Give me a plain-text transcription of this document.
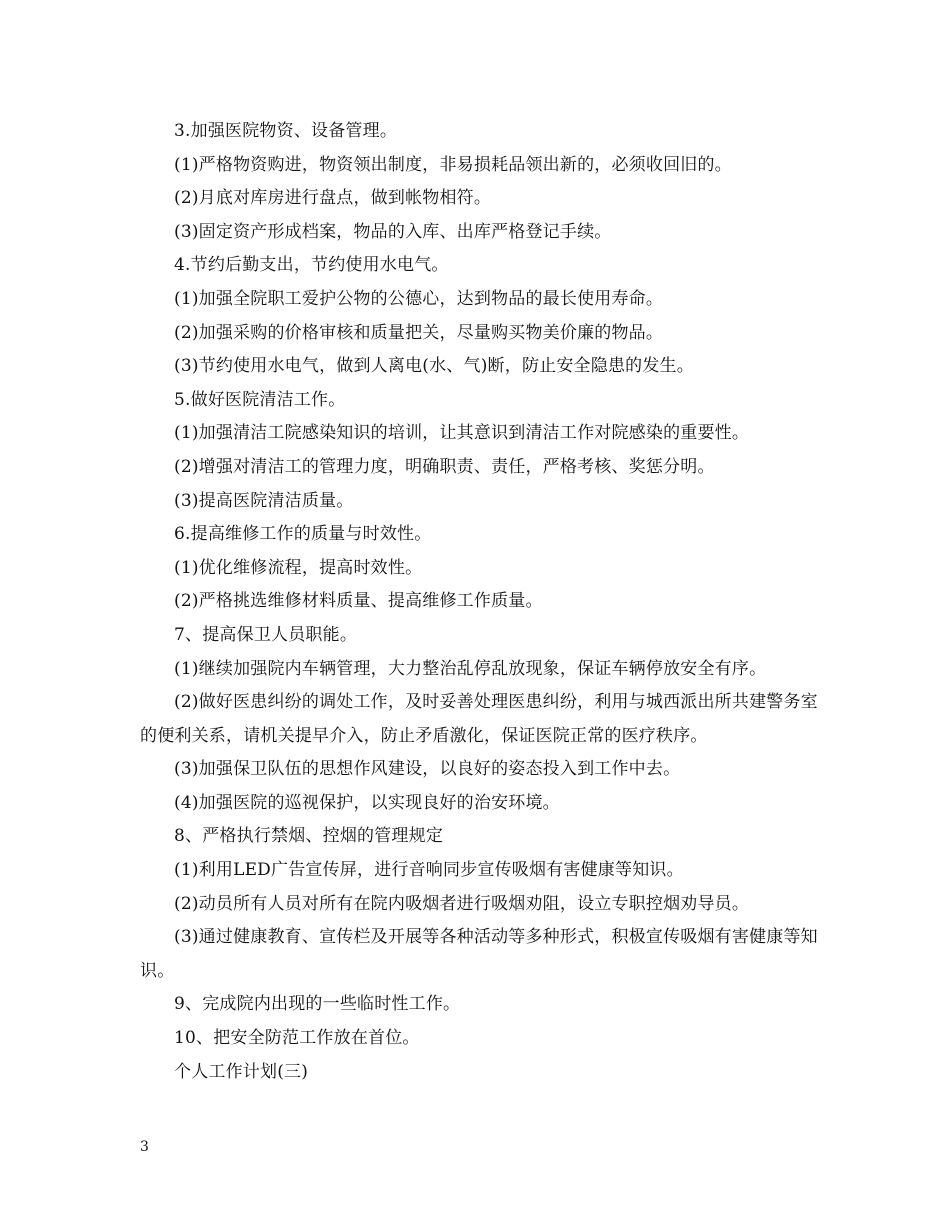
3.加强医院物资、设备管理。

(1)严格物资购进，物资领出制度，非易损耗品领出新的，必须收回旧的。

(2)月底对库房进行盘点，做到帐物相符。

(3)固定资产形成档案，物品的入库、出库严格登记手续。

4.节约后勤支出，节约使用水电气。

(1)加强全院职工爱护公物的公德心，达到物品的最长使用寿命。

(2)加强采购的价格审核和质量把关，尽量购买物美价廉的物品。

(3)节约使用水电气，做到人离电(水、气)断，防止安全隐患的发生。

5.做好医院清洁工作。

(1)加强清洁工院感染知识的培训，让其意识到清洁工作对院感染的重要性。

(2)增强对清洁工的管理力度，明确职责、责任，严格考核、奖惩分明。

(3)提高医院清洁质量。

6.提高维修工作的质量与时效性。

(1)优化维修流程，提高时效性。

(2)严格挑选维修材料质量、提高维修工作质量。

7、提高保卫人员职能。

(1)继续加强院内车辆管理，大力整治乱停乱放现象，保证车辆停放安全有序。

(2)做好医患纠纷的调处工作，及时妥善处理医患纠纷，利用与城西派出所共建警务室的便利关系，请机关提早介入，防止矛盾激化，保证医院正常的医疗秩序。

(3)加强保卫队伍的思想作风建设，以良好的姿态投入到工作中去。

(4)加强医院的巡视保护，以实现良好的治安环境。

8、严格执行禁烟、控烟的管理规定

(1)利用LED广告宣传屏，进行音响同步宣传吸烟有害健康等知识。

(2)动员所有人员对所有在院内吸烟者进行吸烟劝阻，设立专职控烟劝导员。

(3)通过健康教育、宣传栏及开展等各种活动等多种形式，积极宣传吸烟有害健康等知识。

9、完成院内出现的一些临时性工作。

10、把安全防范工作放在首位。

个人工作计划(三)

3
